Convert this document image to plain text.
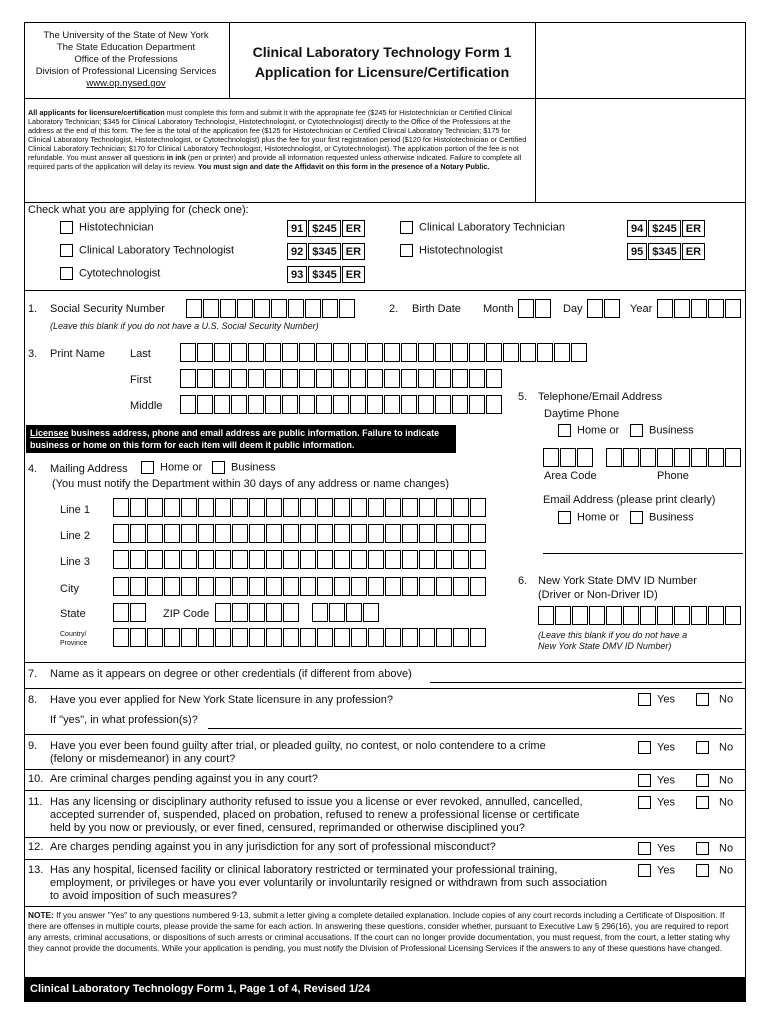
The University of the State of New York
The State Education Department
Office of the Professions
Division of Professional Licensing Services
www.op.nysed.gov
Clinical Laboratory Technology Form 1
Application for Licensure/Certification
All applicants for licensure/certification must complete this form and submit it with the appropriate fee ($245 for Histotechnician or Certified Clinical Laboratory Technician; $345 for Clinical Laboratory Technologist, Histotechnologist, or Cytotechnologist) directly to the Office of the Professions at the address at the end of this form. The fee is the total of the application fee ($125 for Histotechnician or Certified Clinical Laboratory Technician; $175 for Clinical Laboratory Technologist, Histotechnologist, or Cytotechnologist) plus the fee for your first registration period ($120 for Histolotechnician or Certified Clinical Laboratory Technician; $170 for Clinical Laboratory Technologist, Histotechnologist, or Cytotechnologist). The application portion of the fee is not refundable. You must answer all questions in ink (pen or printer) and provide all information requested unless otherwise indicated. Failure to complete all required parts of the application will delay its review. You must sign and date the Affidavit on this form in the presence of a Notary Public.
Check what you are applying for (check one):
Histotechnician	91 $245 ER
Clinical Laboratory Technologist	92 $345 ER
Cytotechnologist	93 $345 ER
Clinical Laboratory Technician	94 $245 ER
Histotechnologist	95 $345 ER
1. Social Security Number
(Leave this blank if you do not have a U.S. Social Security Number)
2. Birth Date Month	Day	Year
3. Print Name Last
First
Middle
Licensee business address, phone and email address are public information. Failure to indicate business or home on this form for each item will deem it public information.
4. Mailing Address	Home or	Business
(You must notify the Department within 30 days of any address or name changes)
Line 1
Line 2
Line 3
City
State	ZIP Code
Country/
Province
5. Telephone/Email Address
Daytime Phone
Home or	Business
Area Code	Phone
Email Address (please print clearly)
Home or	Business
6. New York State DMV ID Number
(Driver or Non-Driver ID)
(Leave this blank if you do not have a
New York State DMV ID Number)
7. Name as it appears on degree or other credentials (if different from above)
8. Have you ever applied for New York State licensure in any profession?
If "yes", in what profession(s)?
Yes	No
9. Have you ever been found guilty after trial, or pleaded guilty, no contest, or nolo contendere to a crime
(felony or misdemeanor) in any court?
Yes	No
10. Are criminal charges pending against you in any court?	Yes	No
11. Has any licensing or disciplinary authority refused to issue you a license or ever revoked, annulled, cancelled,
accepted surrender of, suspended, placed on probation, refused to renew a professional license or certificate
held by you now or previously, or ever fined, censured, reprimanded or otherwise disciplined you?
Yes	No
12. Are charges pending against you in any jurisdiction for any sort of professional misconduct?	Yes	No
13. Has any hospital, licensed facility or clinical laboratory restricted or terminated your professional training,
employment, or privileges or have you ever voluntarily or involuntarily resigned or withdrawn from such association
to avoid imposition of such measures?
Yes	No
NOTE: If you answer "Yes" to any questions numbered 9-13, submit a letter giving a complete detailed explanation. Include copies of any court records including a Certificate of Disposition. If there are offenses in multiple courts, please provide the same for each action. In answering these questions, consider whether, pursuant to Executive Law § 296(16), you are required to report any arrests, criminal accusations, or dispositions of such arrests or criminal accusations. If the court can no longer provide documentation, you must request, from the court, a letter stating why they cannot provide the documents. While your application is pending, you must notify the Division of Professional Licensing Services if the answers to any of these questions have changed.
Clinical Laboratory Technology Form 1, Page 1 of 4, Revised 1/24
